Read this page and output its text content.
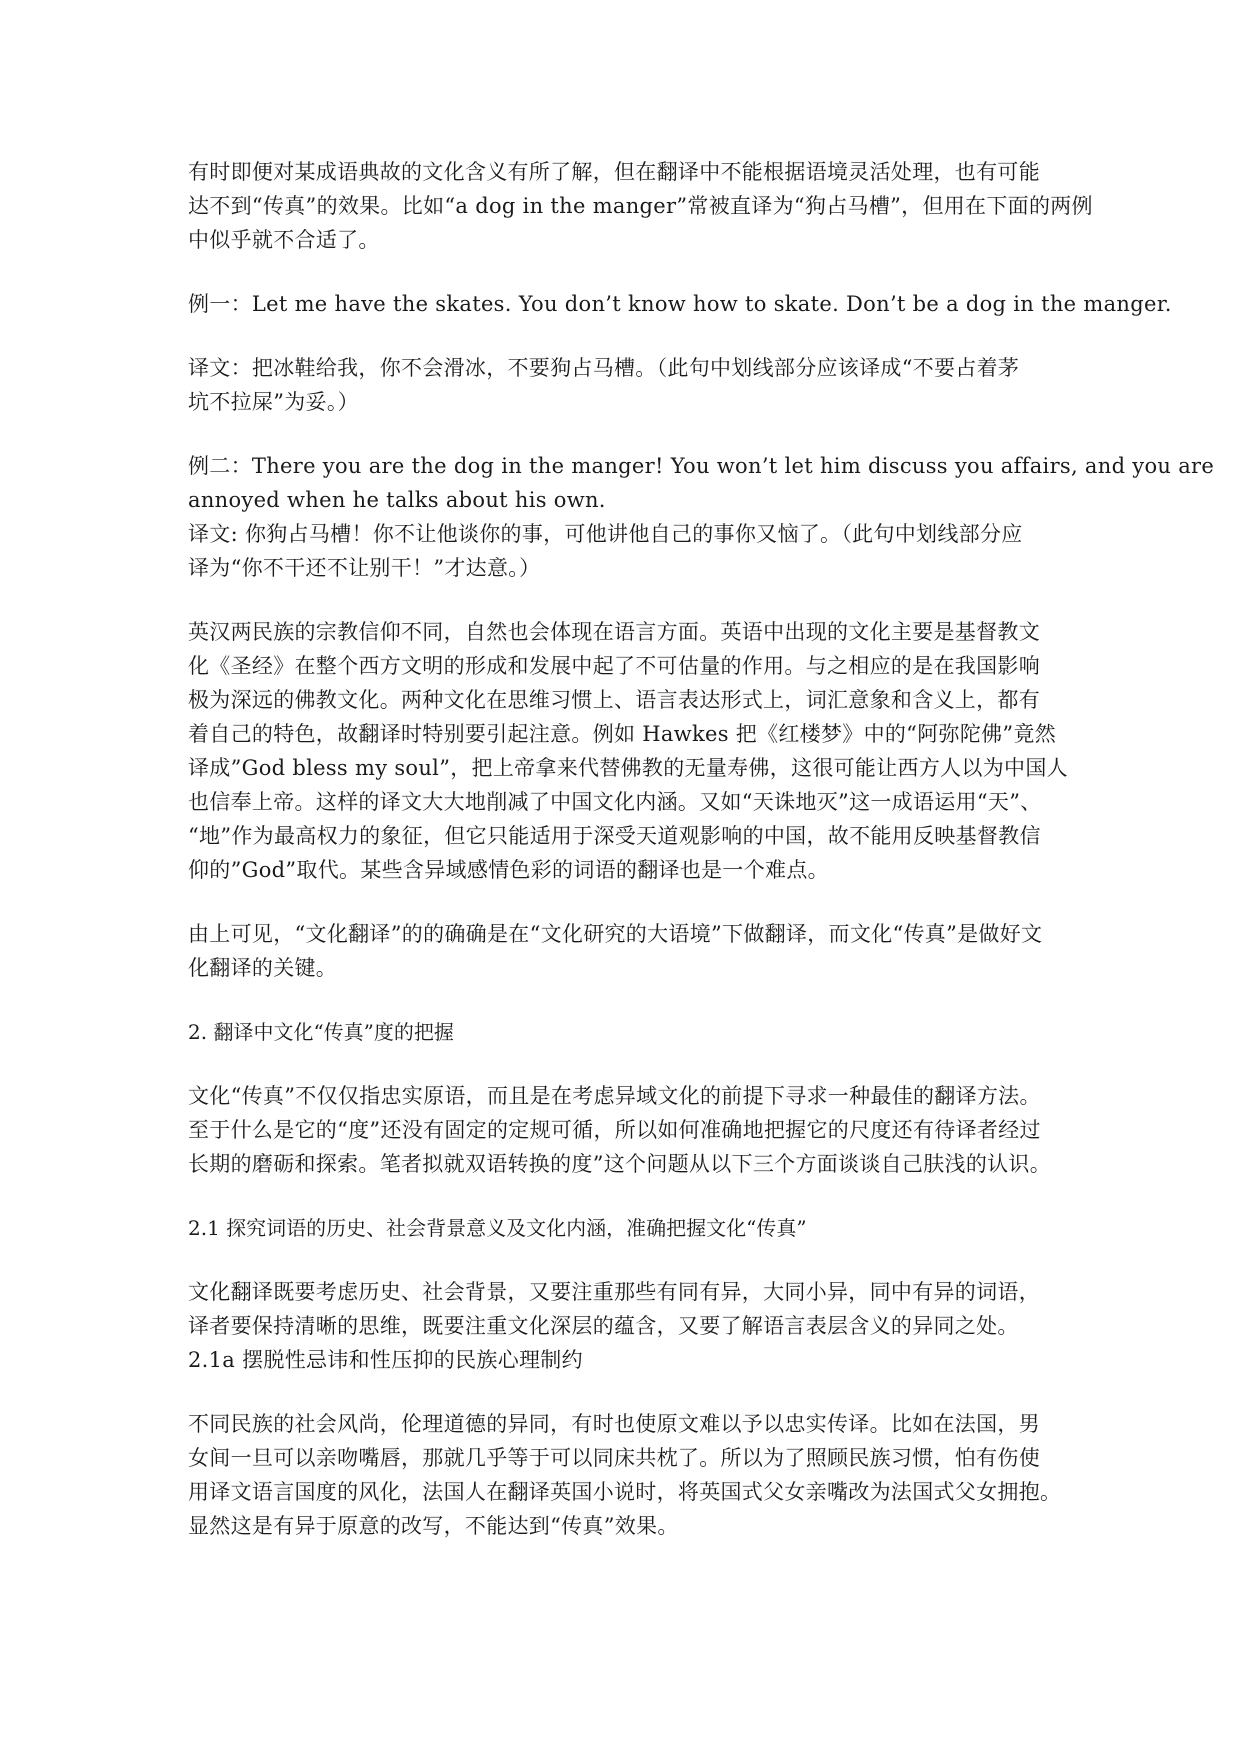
有时即便对某成语典故的文化含义有所了解，但在翻译中不能根据语境灵活处理，也有可能
达不到“传真”的效果。比如“a dog in the manger”常被直译为“狗占马槽”，但用在下面的两例
中似乎就不合适了。

例一：Let me have the skates. You don’t know how to skate. Don’t be a dog in the manger.

译文：把冰鞋给我，你不会滑冰，不要狗占马槽。（此句中划线部分应该译成“不要占着茅
坑不拉屎”为妥。）

例二：There you are the dog in the manger! You won’t let him discuss you affairs, and you are
annoyed when he talks about his own.
译文: 你狗占马槽！你不让他谈你的事，可他讲他自己的事你又恼了。（此句中划线部分应
译为“你不干还不让别干！”才达意。）

英汉两民族的宗教信仰不同，自然也会体现在语言方面。英语中出现的文化主要是基督教文
化《圣经》在整个西方文明的形成和发展中起了不可估量的作用。与之相应的是在我国影响
极为深远的佛教文化。两种文化在思维习惯上、语言表达形式上，词汇意象和含义上，都有
着自己的特色，故翻译时特别要引起注意。例如 Hawkes 把《红楼梦》中的“阿弥陀佛”竟然
译成”God bless my soul”，把上帝拿来代替佛教的无量寿佛，这很可能让西方人以为中国人
也信奉上帝。这样的译文大大地削减了中国文化内涵。又如“天诛地灭”这一成语运用“天”、
“地”作为最高权力的象征，但它只能适用于深受天道观影响的中国，故不能用反映基督教信
仰的”God”取代。某些含异域感情色彩的词语的翻译也是一个难点。

由上可见，“文化翻译”的的确确是在“文化研究的大语境”下做翻译，而文化“传真”是做好文
化翻译的关键。

2. 翻译中文化“传真”度的把握

文化“传真”不仅仅指忠实原语，而且是在考虑异域文化的前提下寻求一种最佳的翻译方法。
至于什么是它的“度”还没有固定的定规可循，所以如何准确地把握它的尺度还有待译者经过
长期的磨砺和探索。笔者拟就双语转换的度”这个问题从以下三个方面谈谈自己肤浅的认识。

2.1 探究词语的历史、社会背景意义及文化内涵，准确把握文化“传真”

文化翻译既要考虑历史、社会背景，又要注重那些有同有异，大同小异，同中有异的词语，
译者要保持清晰的思维，既要注重文化深层的蕴含，又要了解语言表层含义的异同之处。
2.1a 摆脱性忌讳和性压抑的民族心理制约

不同民族的社会风尚，伦理道德的异同，有时也使原文难以予以忠实传译。比如在法国，男
女间一旦可以亲吻嘴唇，那就几乎等于可以同床共枕了。所以为了照顾民族习惯，怕有伤使
用译文语言国度的风化，法国人在翻译英国小说时，将英国式父女亲嘴改为法国式父女拥抱。
显然这是有异于原意的改写，不能达到“传真”效果。
